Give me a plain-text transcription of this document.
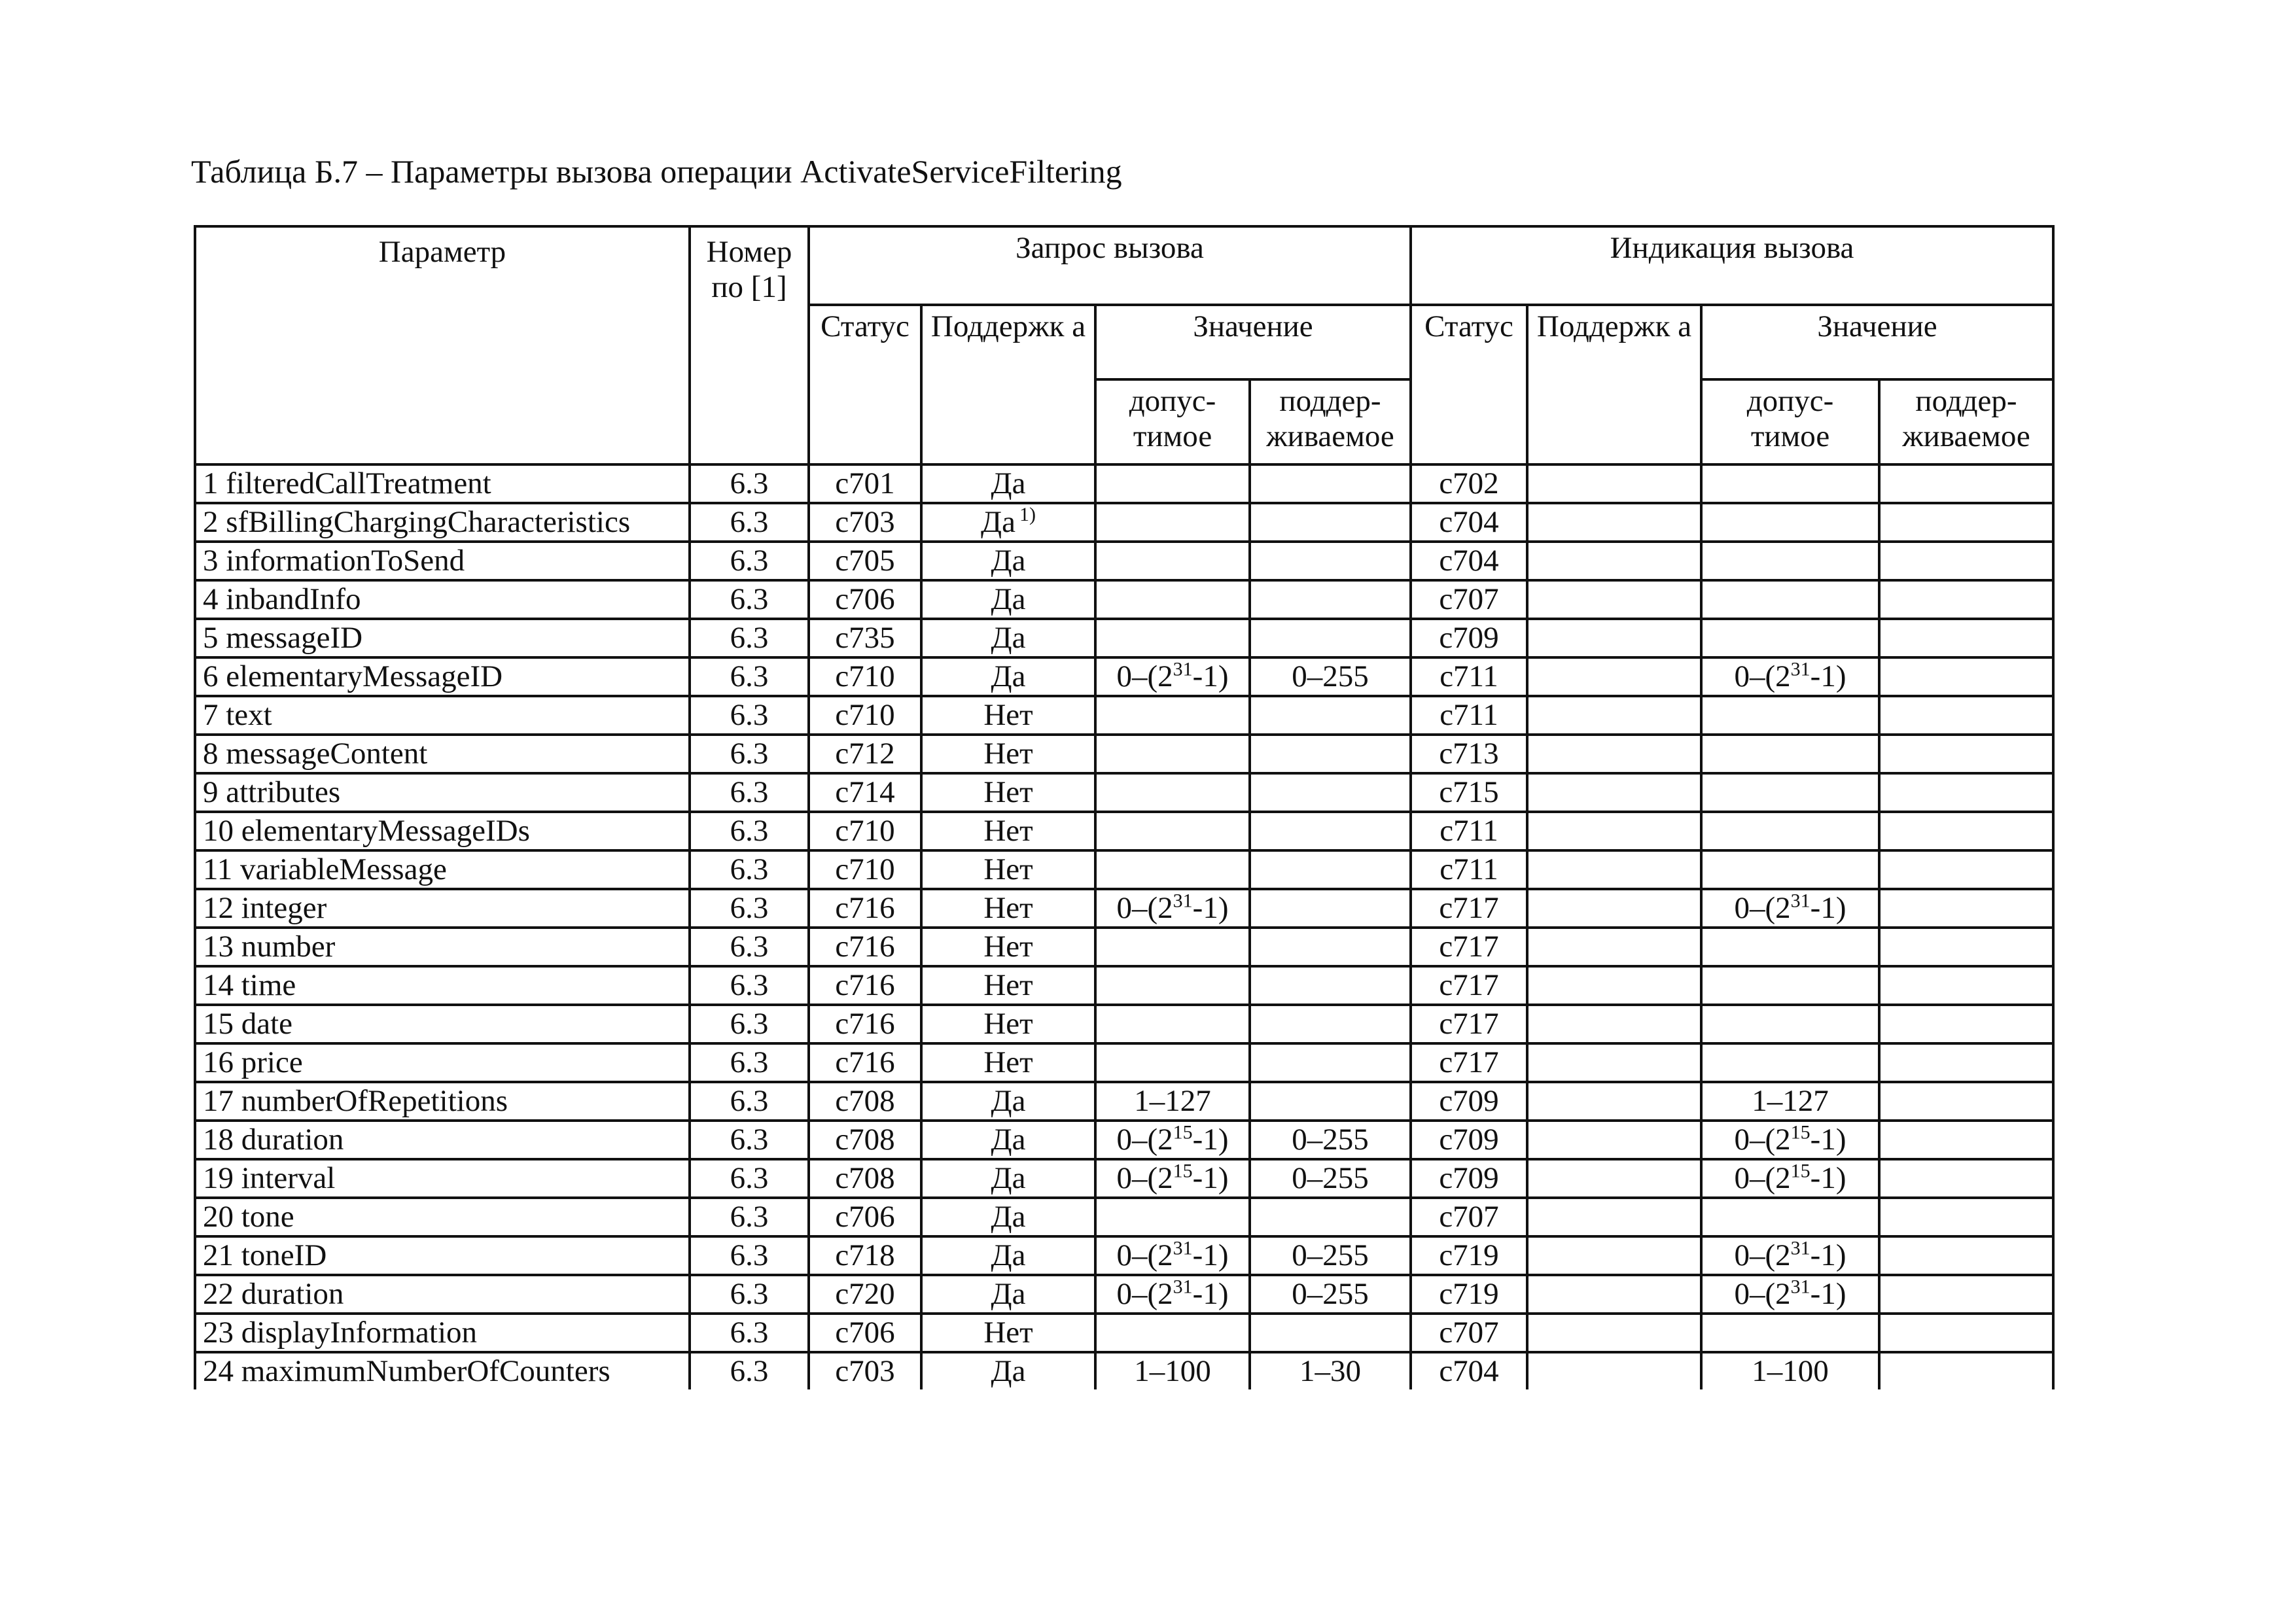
Таблица Б.7 – Параметры вызова операции ActivateServiceFiltering
Параметр	Номер по [1]	Запрос вызова				Индикация вызова			
		Статус	Поддержк а	Значение		Статус	Поддержк а	Значение	
				допус- тимое	поддер- живаемое			допус- тимое	поддер- живаемое
1 filteredCallTreatment	6.3	c701	Да			c702			
2 sfBillingChargingCharacteristics	6.3	c703	Да $^{1)}$			c704			
3 informationToSend	6.3	c705	Да			c704			
4 inbandInfo	6.3	c706	Да			c707			
5 messageID	6.3	c735	Да			c709			
6 elementaryMessageID	6.3	c710	Да	$0-(2^{31}-1)$	0–255	c711		$0-(2^{31}-1)$	
7 text	6.3	c710	Нет			c711			
8 messageContent	6.3	c712	Нет			c713			
9 attributes	6.3	c714	Нет			c715			
10 elementaryMessageIDs	6.3	c710	Нет			c711			
11 variableMessage	6.3	c710	Нет			c711			
12 integer	6.3	c716	Нет	$0-(2^{31}-1)$		c717		$0-(2^{31}-1)$	
13 number	6.3	c716	Нет			c717			
14 time	6.3	c716	Нет			c717			
15 date	6.3	c716	Нет			c717			
16 price	6.3	c716	Нет			c717			
17 numberOfRepetitions	6.3	c708	Да	1–127		c709		1–127	
18 duration	6.3	c708	Да	$0-(2^{15}-1)$	0–255	c709		$0-(2^{15}-1)$	
19 interval	6.3	c708	Да	$0-(2^{15}-1)$	0–255	c709		$0-(2^{15}-1)$	
20 tone	6.3	c706	Да			c707			
21 toneID	6.3	c718	Да	$0-(2^{31}-1)$	0–255	c719		$0-(2^{31}-1)$	
22 duration	6.3	c720	Да	$0-(2^{31}-1)$	0–255	c719		$0-(2^{31}-1)$	
23 displayInformation	6.3	c706	Нет			c707			
24 maximumNumberOfCounters	6.3	c703	Да	1–100	1–30	c704		1–100	
